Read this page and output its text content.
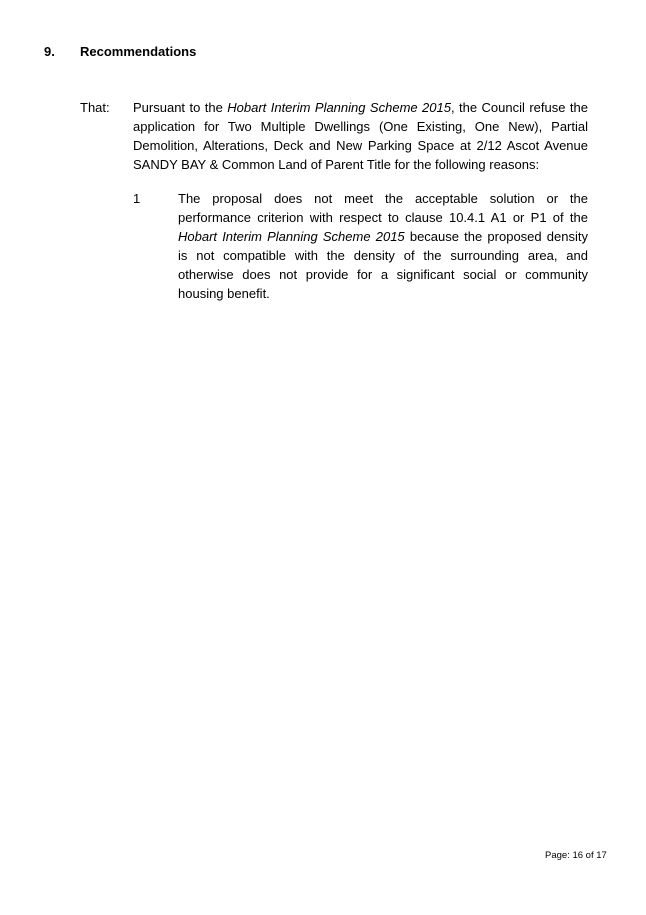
9. Recommendations
That: Pursuant to the Hobart Interim Planning Scheme 2015, the Council refuse the application for Two Multiple Dwellings (One Existing, One New), Partial Demolition, Alterations, Deck and New Parking Space at 2/12 Ascot Avenue SANDY BAY & Common Land of Parent Title for the following reasons:

1	The proposal does not meet the acceptable solution or the performance criterion with respect to clause 10.4.1 A1 or P1 of the Hobart Interim Planning Scheme 2015 because the proposed density is not compatible with the density of the surrounding area, and otherwise does not provide for a significant social or community housing benefit.

Page: 16 of 17
